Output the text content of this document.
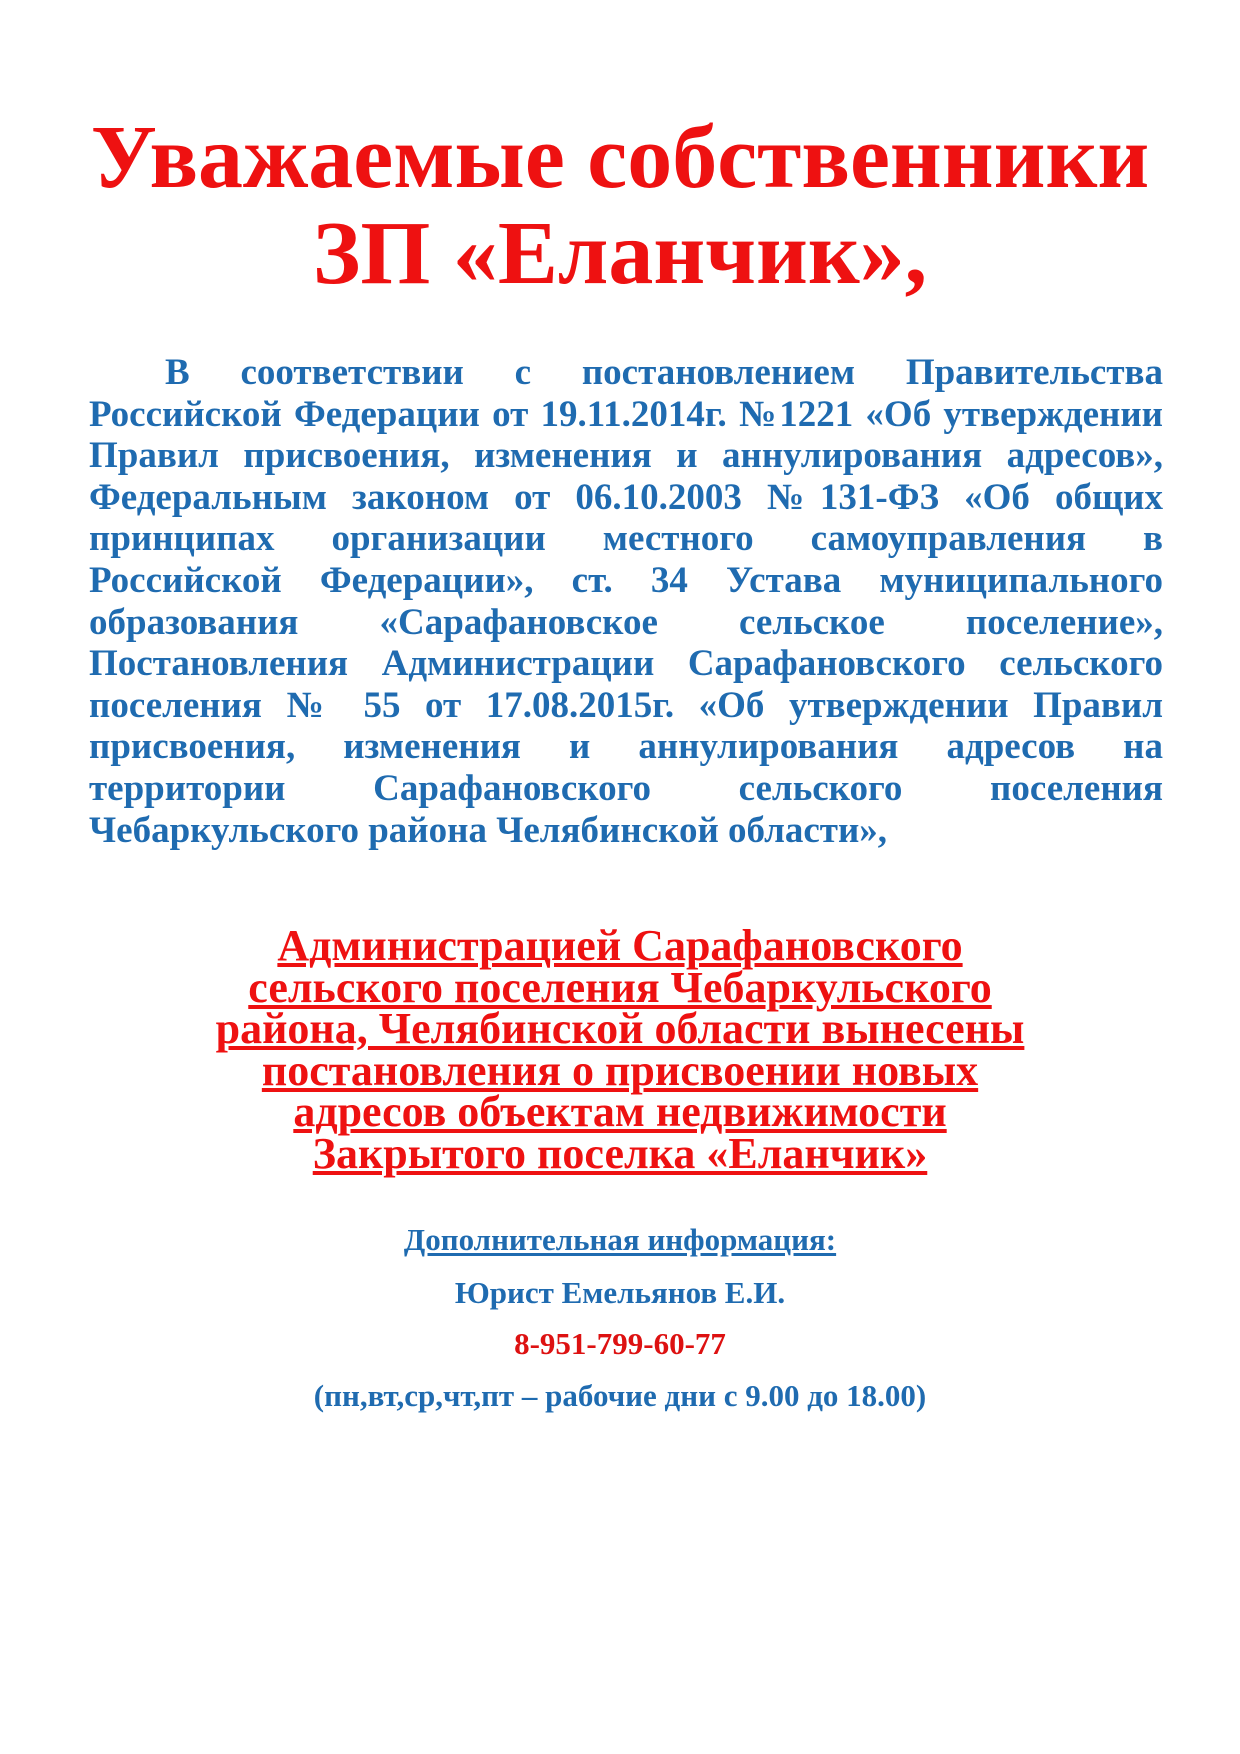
Уважаемые собственники
ЗП «Еланчик»,

В соответствии с постановлением Правительства Российской Федерации от 19.11.2014г. №1221 «Об утверждении Правил присвоения, изменения и аннулирования адресов», Федеральным законом от 06.10.2003 №131-ФЗ «Об общих принципах организации местного самоуправления в Российской Федерации», ст. 34 Устава муниципального образования «Сарафановское сельское поселение», Постановления Администрации Сарафановского сельского поселения № 55 от 17.08.2015г. «Об утверждении Правил присвоения, изменения и аннулирования адресов на территории Сарафановского сельского поселения Чебаркульского района Челябинской области»,

Администрацией Сарафановского
сельского поселения Чебаркульского
района, Челябинской области вынесены
постановления о присвоении новых
адресов объектам недвижимости
Закрытого поселка «Еланчик»

Дополнительная информация:

Юрист Емельянов Е.И.

8-951-799-60-77

(пн,вт,ср,чт,пт – рабочие дни с 9.00 до 18.00)
